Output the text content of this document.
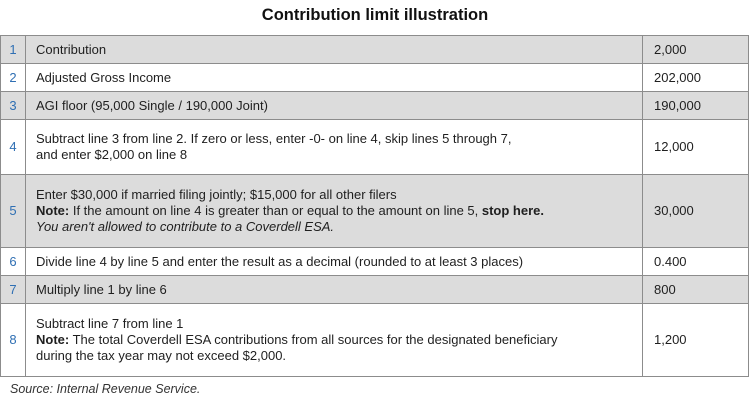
Contribution limit illustration
1	Contribution	2,000
2	Adjusted Gross Income	202,000
3	AGI floor (95,000 Single / 190,000 Joint)	190,000
4	Subtract line 3 from line 2. If zero or less, enter -0- on line 4, skip lines 5 through 7,
and enter $2,000 on line 8	12,000
5	Enter $30,000 if married filing jointly; $15,000 for all other filers
Note: If the amount on line 4 is greater than or equal to the amount on line 5, stop here.
You aren't allowed to contribute to a Coverdell ESA.	30,000
6	Divide line 4 by line 5 and enter the result as a decimal (rounded to at least 3 places)	0.400
7	Multiply line 1 by line 6	800
8	Subtract line 7 from line 1
Note: The total Coverdell ESA contributions from all sources for the designated beneficiary
during the tax year may not exceed $2,000.	1,200
Source: Internal Revenue Service.
